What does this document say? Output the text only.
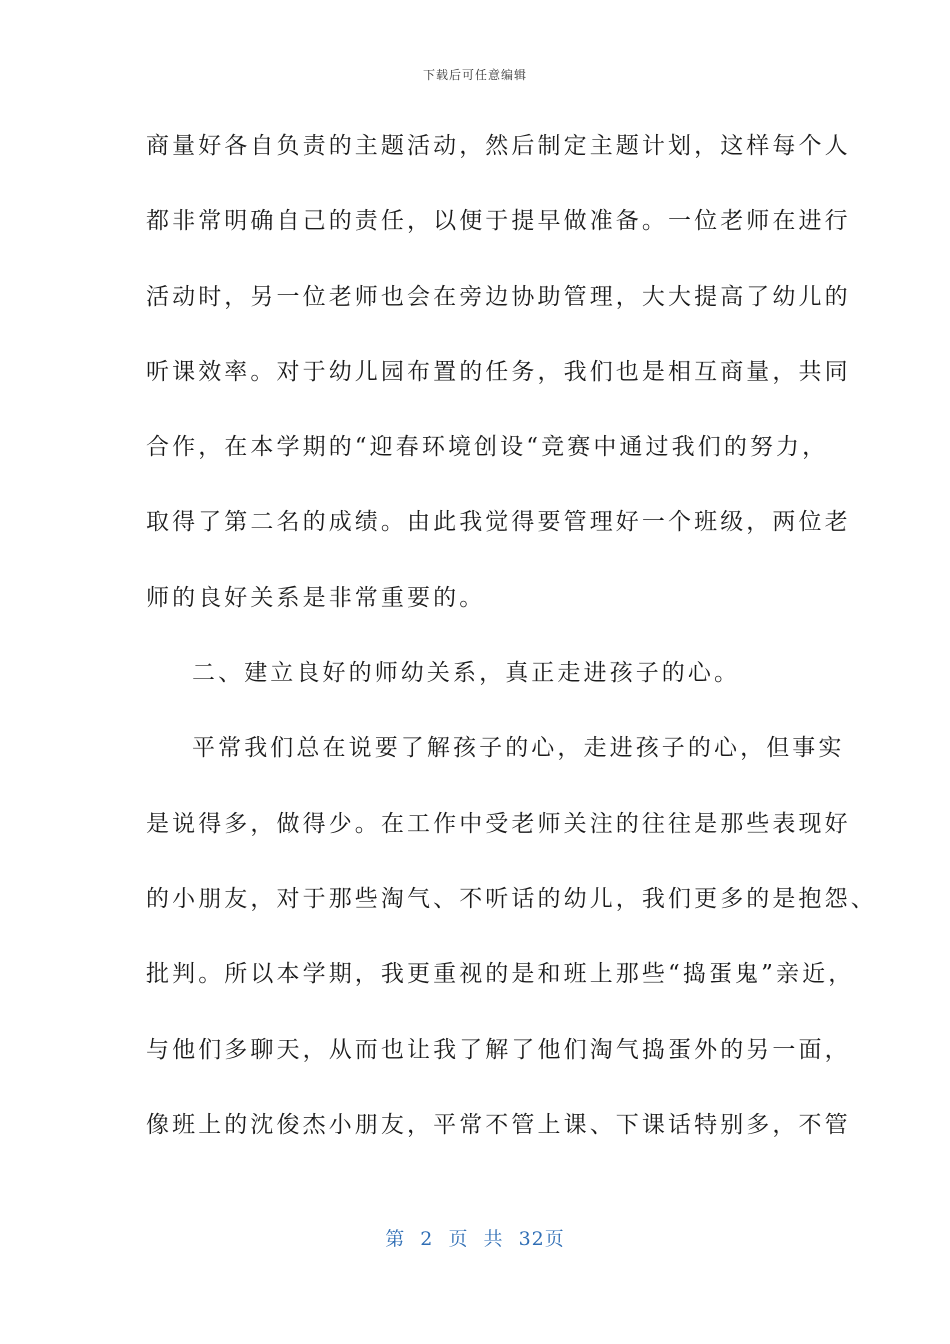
下载后可任意编辑
商量好各自负责的主题活动，然后制定主题计划，这样每个人
都非常明确自己的责任，以便于提早做准备。一位老师在进行
活动时，另一位老师也会在旁边协助管理，大大提高了幼儿的
听课效率。对于幼儿园布置的任务，我们也是相互商量，共同
合作，在本学期的“迎春环境创设“竞赛中通过我们的努力，
取得了第二名的成绩。由此我觉得要管理好一个班级，两位老
师的良好关系是非常重要的。
二、建立良好的师幼关系，真正走进孩子的心。
平常我们总在说要了解孩子的心，走进孩子的心，但事实
是说得多，做得少。在工作中受老师关注的往往是那些表现好
的小朋友，对于那些淘气、不听话的幼儿，我们更多的是抱怨、
批判。所以本学期，我更重视的是和班上那些“捣蛋鬼”亲近，
与他们多聊天，从而也让我了解了他们淘气捣蛋外的另一面，
像班上的沈俊杰小朋友，平常不管上课、下课话特别多，不管
第 2 页 共 32页
